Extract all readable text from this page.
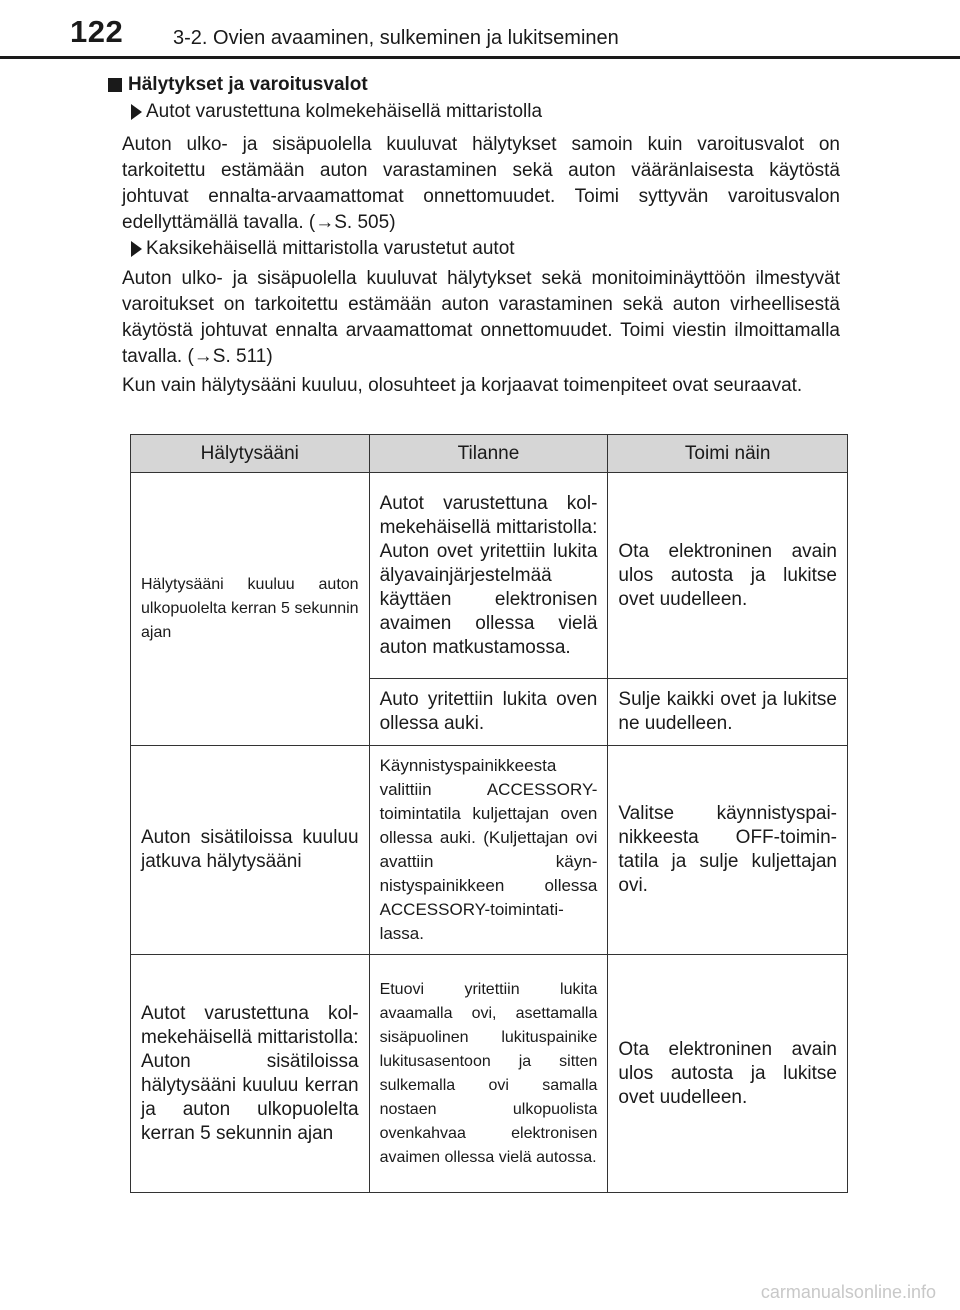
122 3-2. Ovien avaaminen, sulkeminen ja lukitseminen
Hälytykset ja varoitusvalot
Autot varustettuna kolmekehäisellä mittaristolla

Auton ulko- ja sisäpuolella kuuluvat hälytykset samoin kuin varoitusvalot on tarkoitettu estämään auton varastaminen sekä auton vääränlaisesta käytöstä johtuvat ennalta-arvaamattomat onnettomuudet. Toimi syttyvän varoitusvalon edellyttämällä tavalla. (→S. 505)

Kaksikehäisellä mittaristolla varustetut autot

Auton ulko- ja sisäpuolella kuuluvat hälytykset sekä monitoiminäyttöön ilmestyvät varoitukset on tarkoitettu estämään auton varastaminen sekä auton virheellisestä käytöstä johtuvat ennalta arvaamattomat onnettomuudet. Toimi viestin ilmoittamalla tavalla. (→S. 511)

Kun vain hälytysääni kuuluu, olosuhteet ja korjaavat toimenpiteet ovat seuraavat.

Hälytysääni	Tilanne	Toimi näin
Hälytysääni kuuluu auton ulkopuolelta kerran 5 sekunnin ajan	Autot varustettuna kolmekehäisellä mittaristolla: Auton ovet yritettiin lukita älyavainjärjestelmää käyttäen elektronisen avaimen ollessa vielä auton matkustamossa.	Ota elektroninen avain ulos autosta ja lukitse ovet uudelleen.
	Auto yritettiin lukita oven ollessa auki.	Sulje kaikki ovet ja lukitse ne uudelleen.
Auton sisätiloissa kuuluu jatkuva hälytysääni	Käynnistyspainikkeesta valittiin ACCESSORY-toimintatila kuljettajan oven ollessa auki. (Kuljettajan ovi avattiin käynnistyspainikkeen ollessa ACCESSORY-toimintatilassa.	Valitse käynnistyspainikkeesta OFF-toimintatila ja sulje kuljettajan ovi.
Autot varustettuna kolmekehäisellä mittaristolla: Auton sisätiloissa hälytysääni kuuluu kerran ja auton ulkopuolelta kerran 5 sekunnin ajan	Etuovi yritettiin lukita avaamalla ovi, asettamalla sisäpuolinen lukituspainike lukitusasentoon ja sitten sulkemalla ovi samalla nostaen ulkopuolista ovenkahvaa elektronisen avaimen ollessa vielä autossa.	Ota elektroninen avain ulos autosta ja lukitse ovet uudelleen.
carmanualsonline.info
